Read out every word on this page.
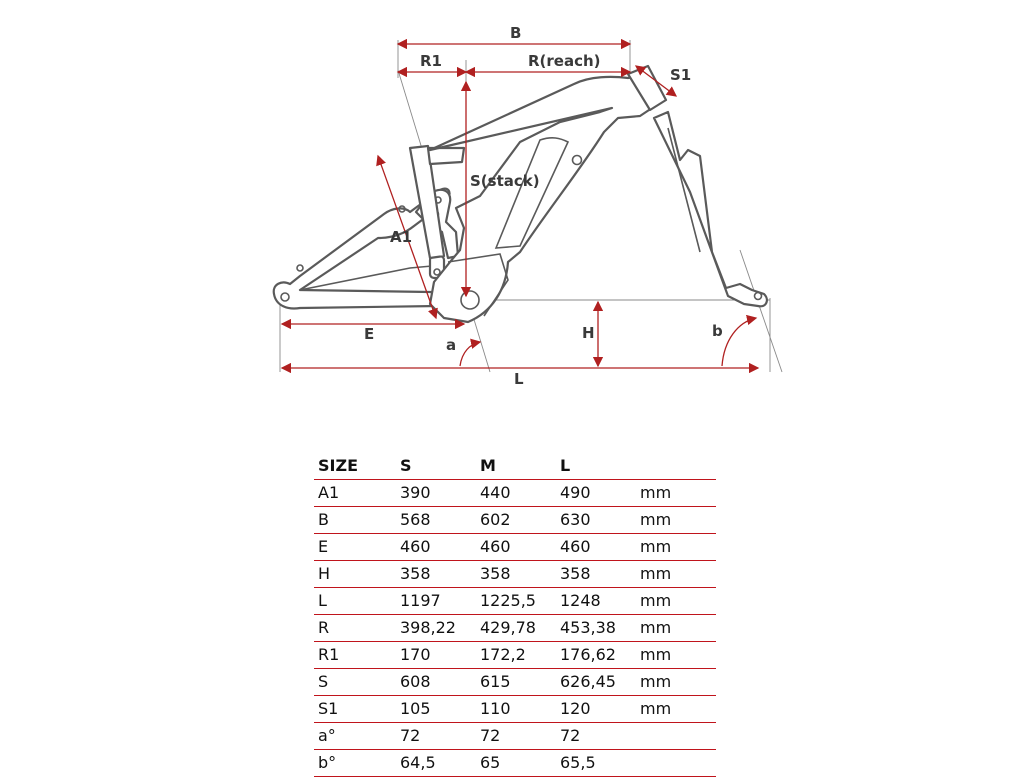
B
R1	R(reach)
S1
S(stack)
A1
E	H
a
b
L
SIZE	S	M	L	
A1	390	440	490	mm
B	568	602	630	mm
E	460	460	460	mm
H	358	358	358	mm
L	1197	1225,5	1248	mm
R	398,22	429,78	453,38	mm
R1	170	172,2	176,62	mm
S	608	615	626,45	mm
S1	105	110	120	mm
a°	72	72	72	
b°	64,5	65	65,5	
